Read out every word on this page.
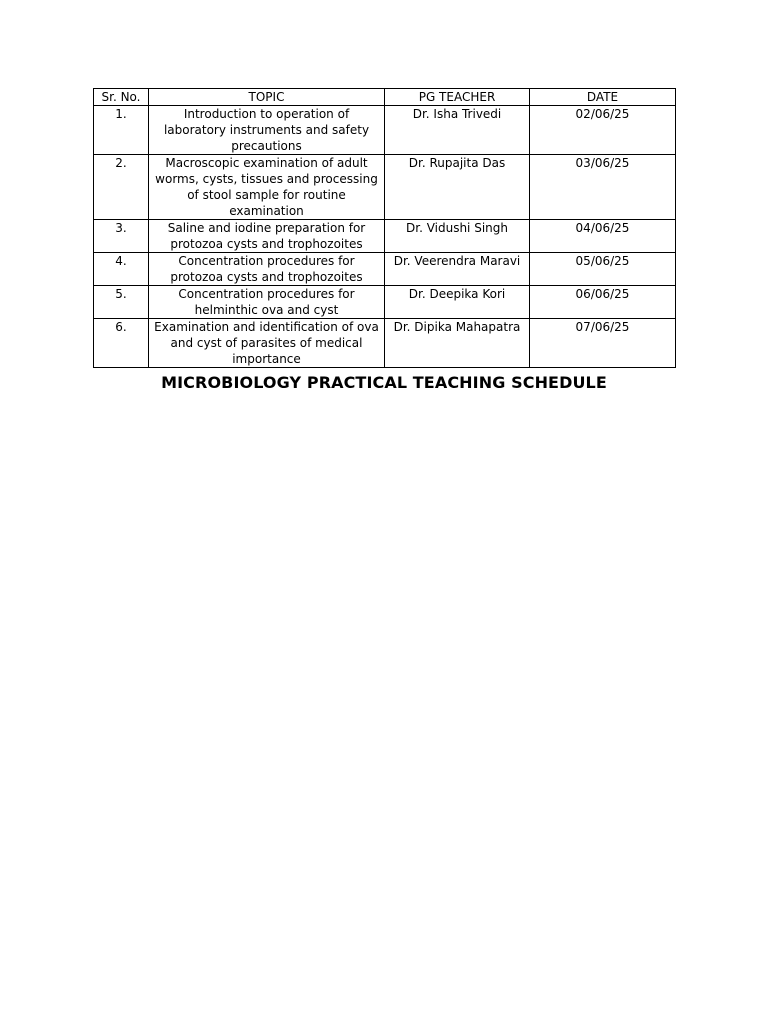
Sr. No.	TOPIC	PG TEACHER	DATE
1.	Introduction to operation of laboratory instruments and safety precautions	Dr. Isha Trivedi	02/06/25
2.	Macroscopic examination of adult worms, cysts, tissues and processing of stool sample for routine examination	Dr. Rupajita Das	03/06/25
3.	Saline and iodine preparation for protozoa cysts and trophozoites	Dr. Vidushi Singh	04/06/25
4.	Concentration procedures for protozoa cysts and trophozoites	Dr. Veerendra Maravi	05/06/25
5.	Concentration procedures for helminthic ova and cyst	Dr. Deepika Kori	06/06/25
6.	Examination and identification of ova and cyst of parasites of medical importance	Dr. Dipika Mahapatra	07/06/25
MICROBIOLOGY PRACTICAL TEACHING SCHEDULE
